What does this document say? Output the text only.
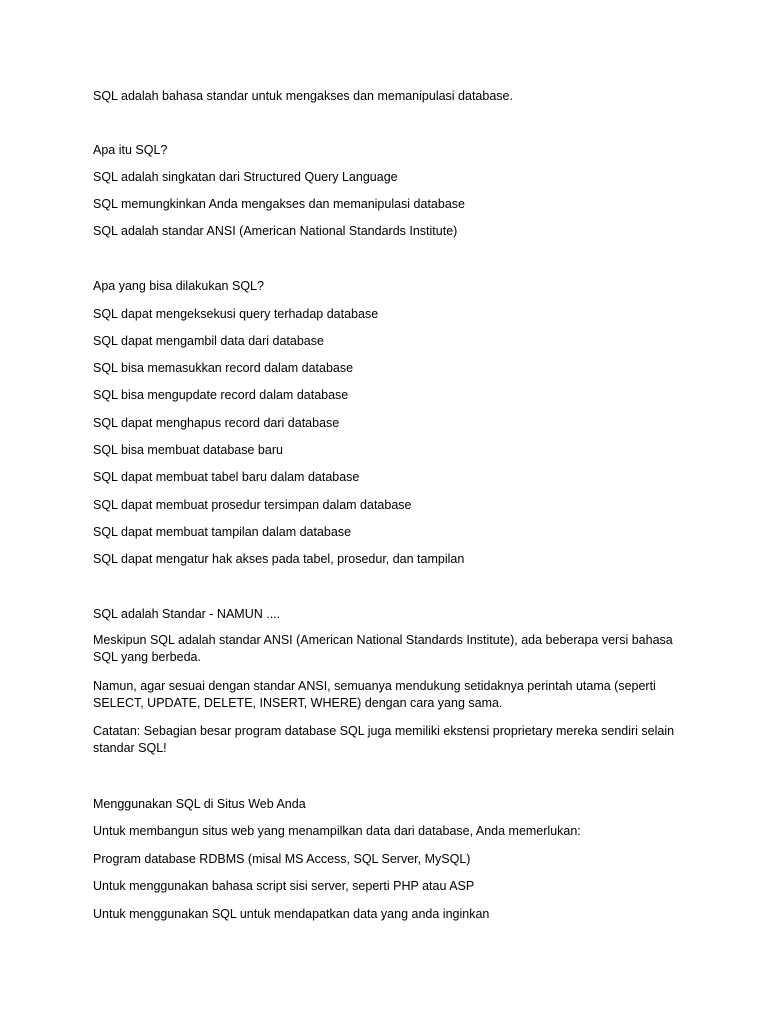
SQL adalah bahasa standar untuk mengakses dan memanipulasi database.
Apa itu SQL?
SQL adalah singkatan dari Structured Query Language
SQL memungkinkan Anda mengakses dan memanipulasi database
SQL adalah standar ANSI (American National Standards Institute)
Apa yang bisa dilakukan SQL?
SQL dapat mengeksekusi query terhadap database
SQL dapat mengambil data dari database
SQL bisa memasukkan record dalam database
SQL bisa mengupdate record dalam database
SQL dapat menghapus record dari database
SQL bisa membuat database baru
SQL dapat membuat tabel baru dalam database
SQL dapat membuat prosedur tersimpan dalam database
SQL dapat membuat tampilan dalam database
SQL dapat mengatur hak akses pada tabel, prosedur, dan tampilan
SQL adalah Standar - NAMUN ....
Meskipun SQL adalah standar ANSI (American National Standards Institute), ada beberapa versi bahasa SQL yang berbeda.
Namun, agar sesuai dengan standar ANSI, semuanya mendukung setidaknya perintah utama (seperti SELECT, UPDATE, DELETE, INSERT, WHERE) dengan cara yang sama.
Catatan: Sebagian besar program database SQL juga memiliki ekstensi proprietary mereka sendiri selain standar SQL!
Menggunakan SQL di Situs Web Anda
Untuk membangun situs web yang menampilkan data dari database, Anda memerlukan:
Program database RDBMS (misal MS Access, SQL Server, MySQL)
Untuk menggunakan bahasa script sisi server, seperti PHP atau ASP
Untuk menggunakan SQL untuk mendapatkan data yang anda inginkan
